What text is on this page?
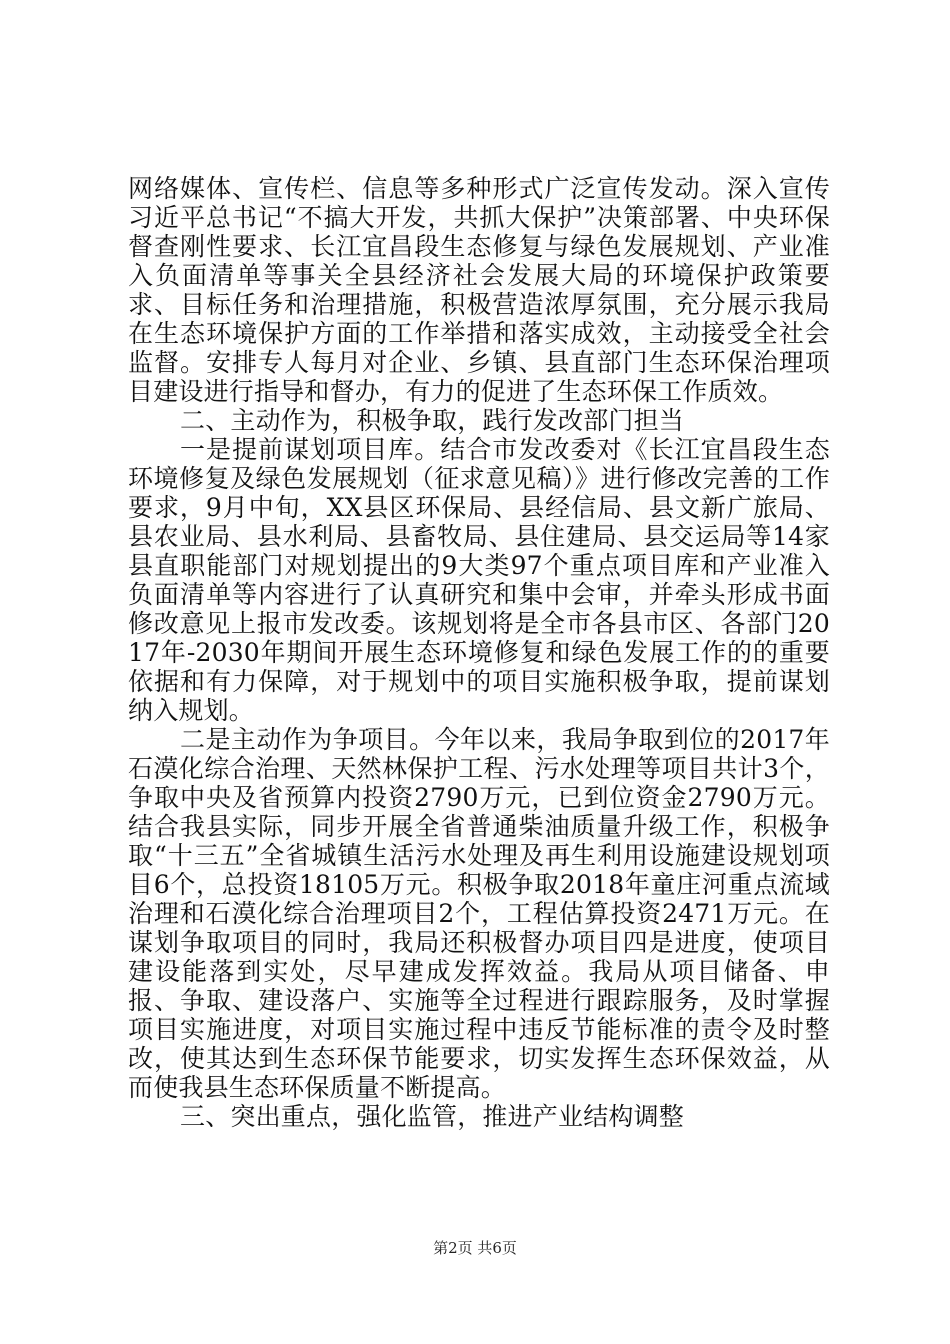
网络媒体、宣传栏、信息等多种形式广泛宣传发动。深入宣传习近平总书记“不搞大开发，共抓大保护”决策部署、中央环保督查刚性要求、长江宜昌段生态修复与绿色发展规划、产业准入负面清单等事关全县经济社会发展大局的环境保护政策要求、目标任务和治理措施，积极营造浓厚氛围，充分展示我局在生态环境保护方面的工作举措和落实成效，主动接受全社会监督。安排专人每月对企业、乡镇、县直部门生态环保治理项目建设进行指导和督办，有力的促进了生态环保工作质效。

二、主动作为，积极争取，践行发改部门担当

一是提前谋划项目库。结合市发改委对《长江宜昌段生态环境修复及绿色发展规划（征求意见稿）》进行修改完善的工作要求，9月中旬，XX县区环保局、县经信局、县文新广旅局、县农业局、县水利局、县畜牧局、县住建局、县交运局等14家县直职能部门对规划提出的9大类97个重点项目库和产业准入负面清单等内容进行了认真研究和集中会审，并牵头形成书面修改意见上报市发改委。该规划将是全市各县市区、各部门2017年-2030年期间开展生态环境修复和绿色发展工作的的重要依据和有力保障，对于规划中的项目实施积极争取，提前谋划纳入规划。

二是主动作为争项目。今年以来，我局争取到位的2017年石漠化综合治理、天然林保护工程、污水处理等项目共计3个，争取中央及省预算内投资2790万元，已到位资金2790万元。结合我县实际，同步开展全省普通柴油质量升级工作，积极争取“十三五”全省城镇生活污水处理及再生利用设施建设规划项目6个，总投资18105万元。积极争取2018年童庄河重点流域治理和石漠化综合治理项目2个，工程估算投资2471万元。在谋划争取项目的同时，我局还积极督办项目四是进度，使项目建设能落到实处，尽早建成发挥效益。我局从项目储备、申报、争取、建设落户、实施等全过程进行跟踪服务，及时掌握项目实施进度，对项目实施过程中违反节能标准的责令及时整改，使其达到生态环保节能要求，切实发挥生态环保效益，从而使我县生态环保质量不断提高。

三、突出重点，强化监管，推进产业结构调整

第2页 共6页
